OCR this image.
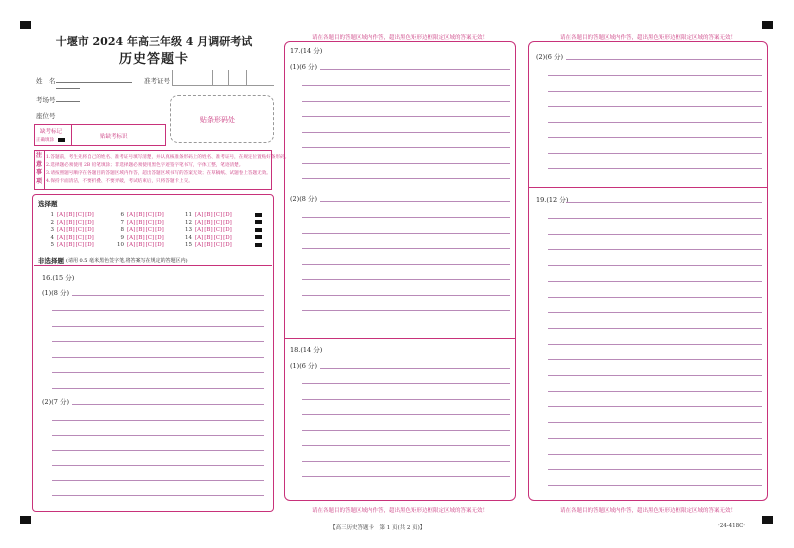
十堰市 2024 年高三年级 4 月调研考试
历史答题卡
姓　名	准考证号
考场号
座位号	贴条形码处
缺考标记
正确填涂
贴缺考标识
注意事项
1.答题前，考生先将自己的姓名、准考证号填写清楚，并认真核准条形码上的姓名、准考证号，在规定位置贴好条形码。
2.选择题必须使用 2B 铅笔填涂；非选择题必须使用黑色字迹签字笔书写，字体工整，笔迹清楚。
3.请按照题号顺序在各题目的答题区域内作答，超出答题区域书写的答案无效；在草稿纸、试题卷上答题无效。
4.保持卡面清洁，不要折叠、不要弄破，考试结束后，只将答题卡上交。
选择题
1[A][B][C][D]
2[A][B][C][D]
3[A][B][C][D]
4[A][B][C][D]
5[A][B][C][D]
6[A][B][C][D]
7[A][B][C][D]
8[A][B][C][D]
9[A][B][C][D]
10[A][B][C][D]
11[A][B][C][D]
12[A][B][C][D]
13[A][B][C][D]
14[A][B][C][D]
15[A][B][C][D]
非选择题 (请用 0.5 毫米黑色签字笔,将答案写在规定的答题区内)
16.(15 分)
(1)(8 分)
(2)(7 分)
请在各题目的答题区域内作答，超出黑色矩形边框限定区域的答案无效！
17.(14 分)
(1)(6 分)
(2)(8 分)
18.(14 分)
(1)(6 分)
请在各题目的答题区域内作答，超出黑色矩形边框限定区域的答案无效！
请在各题目的答题区域内作答，超出黑色矩形边框限定区域的答案无效！
(2)(6 分)
19.(12 分)
请在各题目的答题区域内作答，超出黑色矩形边框限定区域的答案无效！
【高三历史答题卡　第 1 页(共 2 页)】	·24-418C·
